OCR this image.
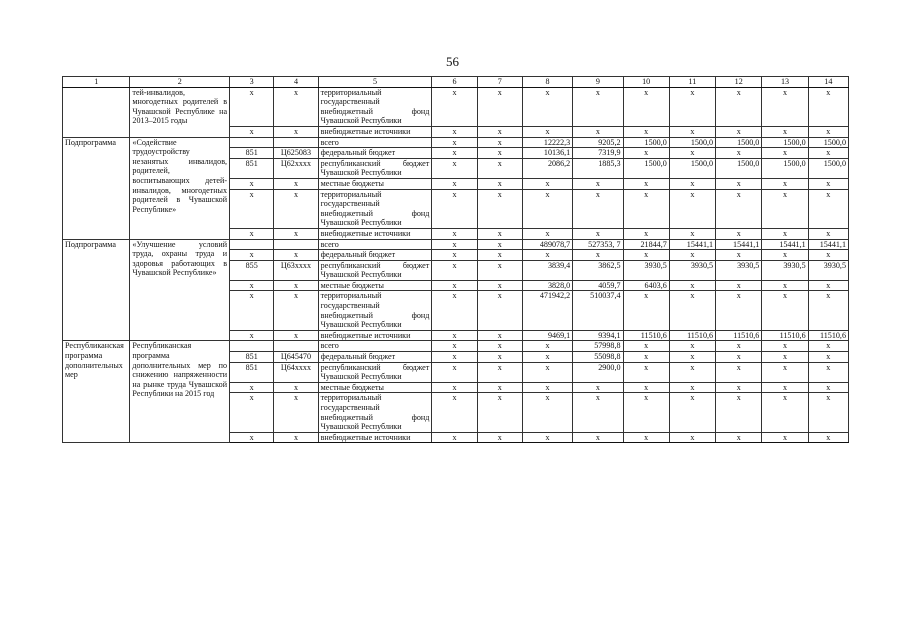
56
1	2	3	4	5	6	7	8	9	10	11	12	13	14
	тей-инвалидов, многодетных родителей в Чувашской Республике на 2013–2015 годы	x	x	территориальный государственный внебюджетный фонд Чувашской Республики	x	x	x	x	x	x	x	x	x
		x	x	внебюджетные источники	x	x	x	x	x	x	x	x	x
Подпрограмма	«Содействие трудоустройству незанятых инвалидов, родителей, воспитывающих детей-инвалидов, многодетных родителей в Чувашской Республике»			всего	x	x	12222,3	9205,2	1500,0	1500,0	1500,0	1500,0	1500,0
		851	Ц625083	федеральный бюджет	x	x	10136,1	7319,9	x	x	x	x	x
		851	Ц62хххх	республиканский бюджет Чувашской Республики	x	x	2086,2	1885,3	1500,0	1500,0	1500,0	1500,0	1500,0
		x	x	местные бюджеты	x	x	x	x	x	x	x	x	x
		x	x	территориальный государственный внебюджетный фонд Чувашской Республики	x	x	x	x	x	x	x	x	x
		x	x	внебюджетные источники	x	x	x	x	x	x	x	x	x
Подпрограмма	«Улучшение условий труда, охраны труда и здоровья работающих в Чувашской Республике»			всего	x	x	489078,7	527353, 7	21844,7	15441,1	15441,1	15441,1	15441,1
		x	x	федеральный бюджет	x	x	x	x	x	x	x	x	x
		855	Ц63хххх	республиканский бюджет Чувашской Республики	x	x	3839,4	3862,5	3930,5	3930,5	3930,5	3930,5	3930,5
		x	x	местные бюджеты	x	x	3828,0	4059,7	6403,6	x	x	x	x
		x	x	территориальный государственный внебюджетный фонд Чувашской Республики	x	x	471942,2	510037,4	x	x	x	x	x
		x	x	внебюджетные источники	x	x	9469,1	9394,1	11510,6	11510,6	11510,6	11510,6	11510,6
Республиканская программа дополнительных мер	Республиканская программа дополнительных мер по снижению напряженности на рынке труда Чувашской Республики на 2015 год			всего	x	x	x	57998,8	x	x	x	x	x
		851	Ц645470	федеральный бюджет	x	x	x	55098,8	x	x	x	x	x
		851	Ц64хххх	республиканский бюджет Чувашской Республики	x	x	x	2900,0	x	x	x	x	x
		x	x	местные бюджеты	x	x	x	x	x	x	x	x	x
		x	x	территориальный государственный внебюджетный фонд Чувашской Республики	x	x	x	x	x	x	x	x	x
		x	x	внебюджетные источники	x	x	x	x	x	x	x	x	x
